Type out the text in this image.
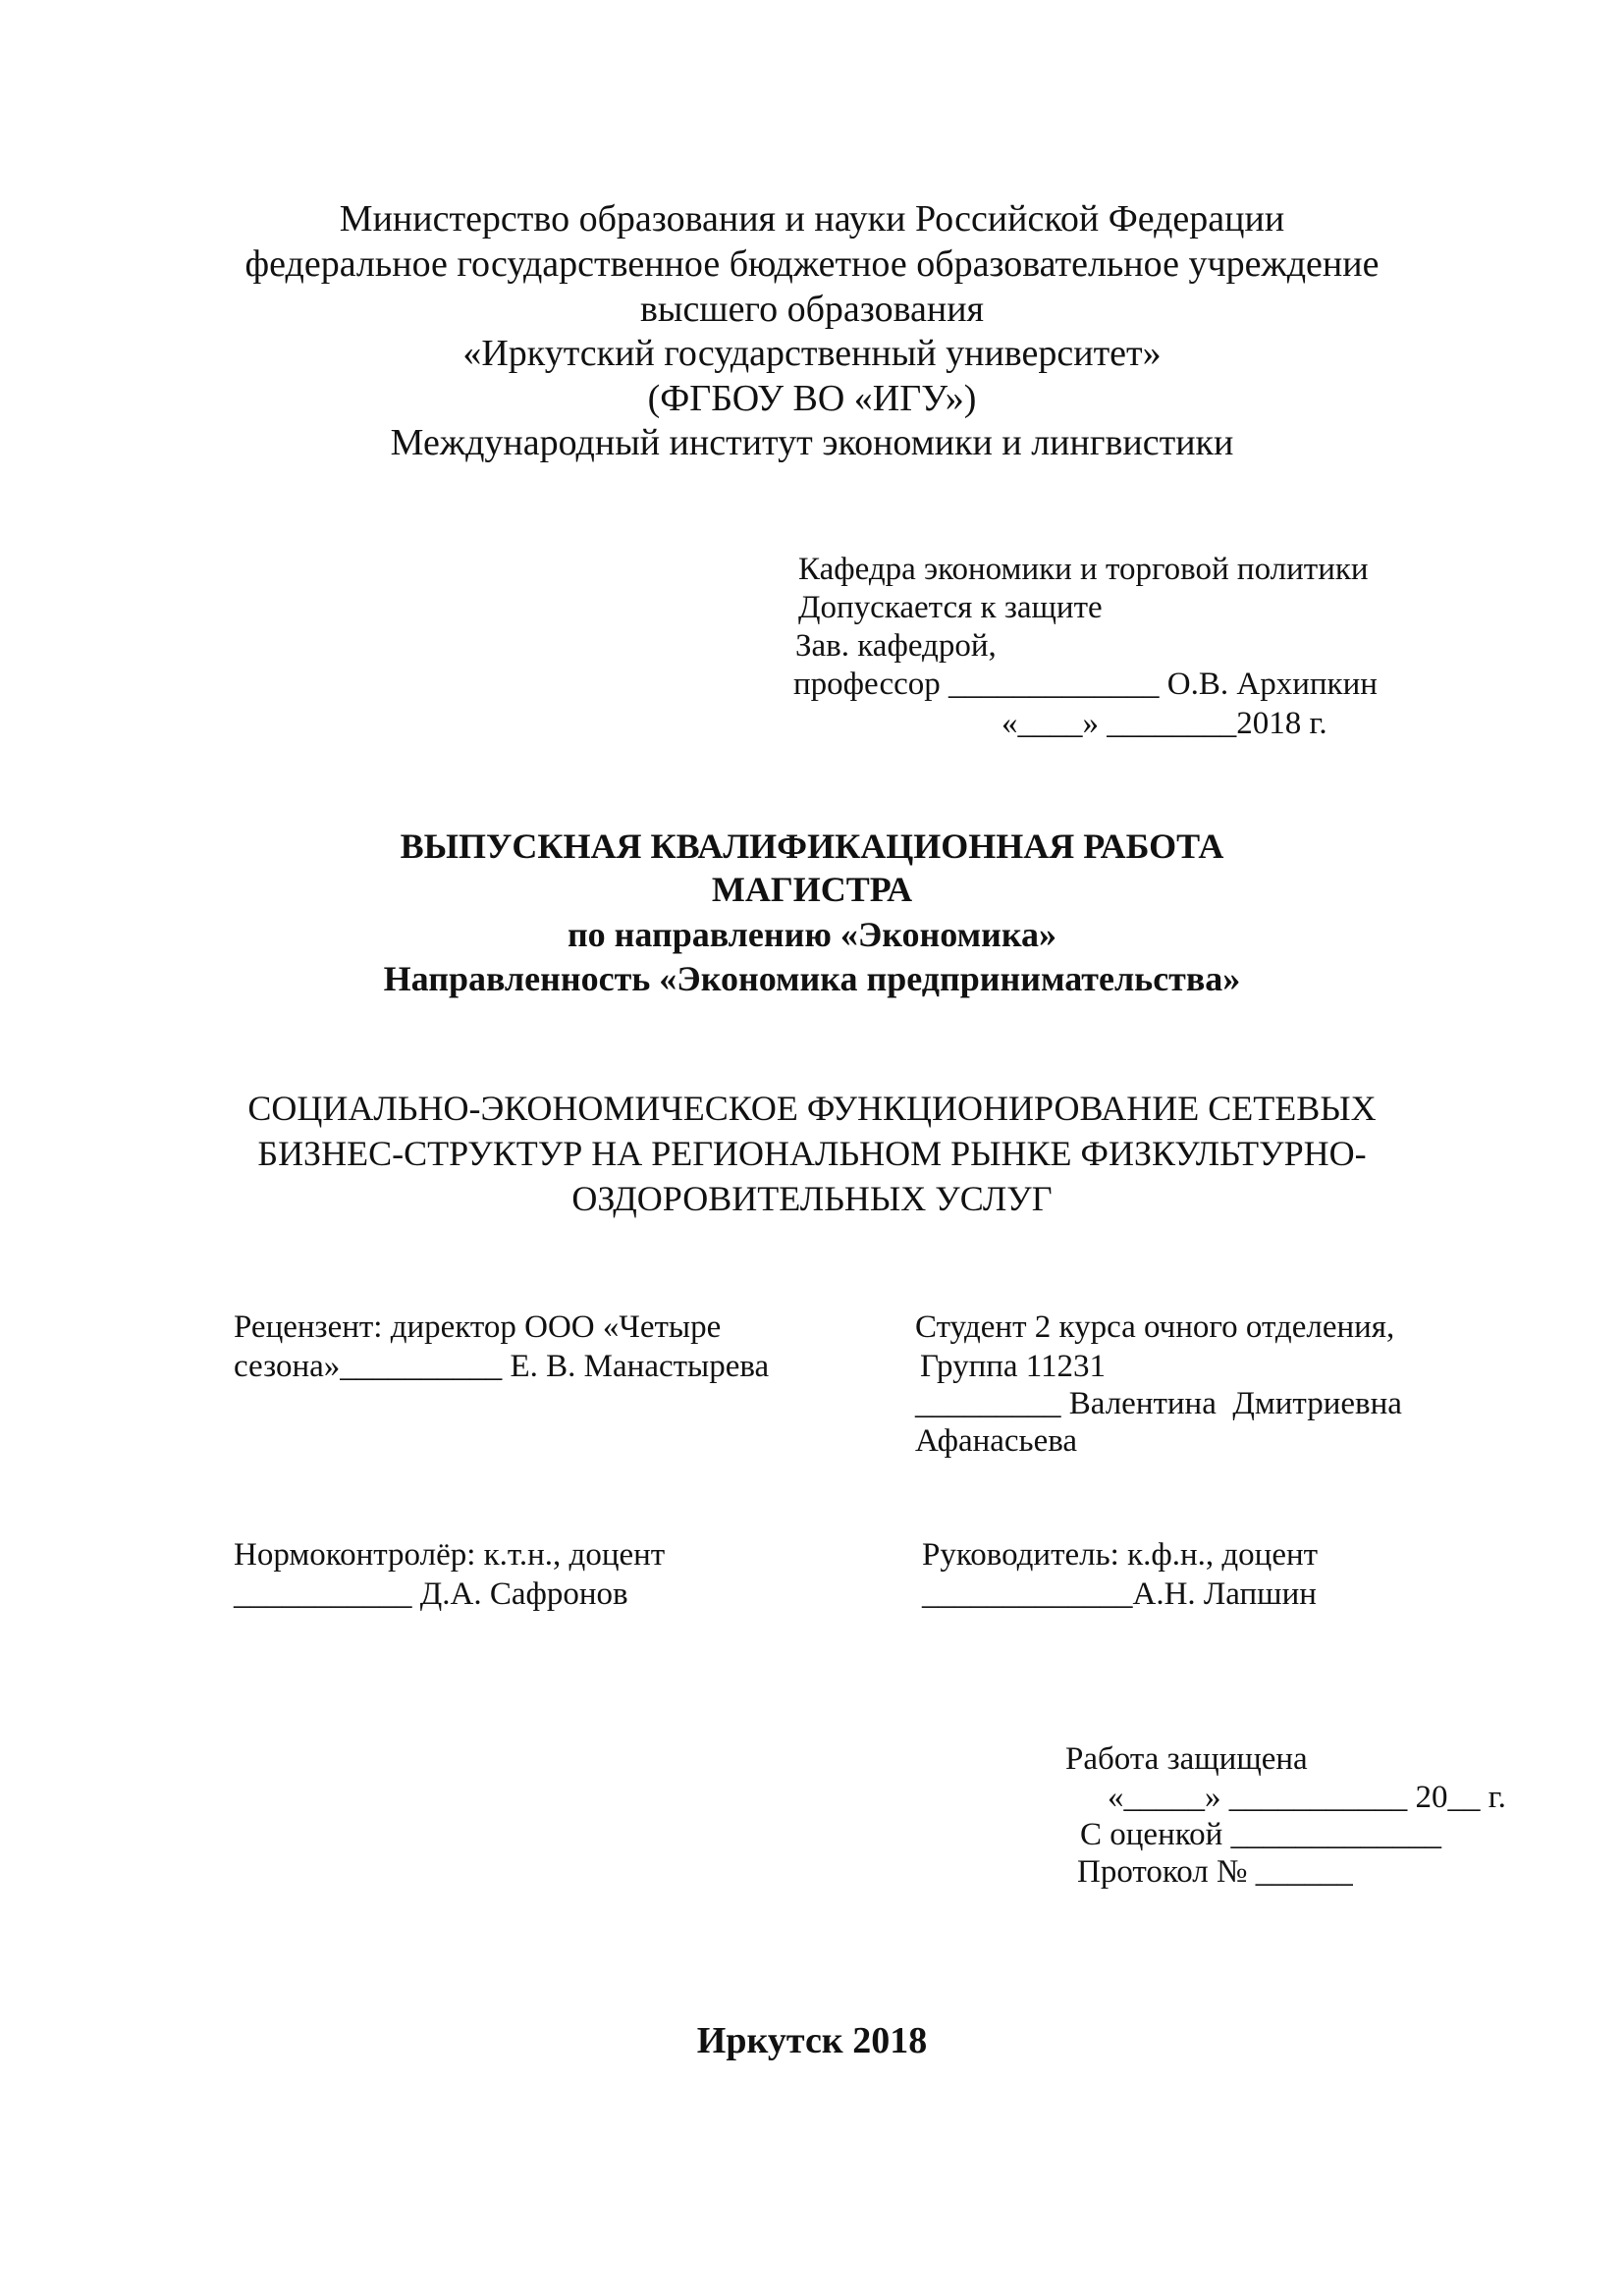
Министерство образования и науки Российской Федерации
федеральное государственное бюджетное образовательное учреждение
высшего образования
«Иркутский государственный университет»
(ФГБОУ ВО «ИГУ»)
Международный институт экономики и лингвистики
Кафедра экономики и торговой политики
Допускается к защите
Зав. кафедрой,
профессор _____________ О.В. Архипкин
«____» ________2018 г.
ВЫПУСКНАЯ КВАЛИФИКАЦИОННАЯ РАБОТА
МАГИСТРА
по направлению «Экономика»
Направленность «Экономика предпринимательства»
СОЦИАЛЬНО-ЭКОНОМИЧЕСКОЕ ФУНКЦИОНИРОВАНИЕ СЕТЕВЫХ
БИЗНЕС-СТРУКТУР НА РЕГИОНАЛЬНОМ РЫНКЕ ФИЗКУЛЬТУРНО-
ОЗДОРОВИТЕЛЬНЫХ УСЛУГ
Рецензент: директор ООО «Четыре
сезона»__________ Е. В. Манастырева
Студент 2 курса очного отделения,
Группа 11231
_________ Валентина  Дмитриевна
Афанасьева
Нормоконтролёр: к.т.н., доцент
___________ Д.А. Сафронов
Руководитель: к.ф.н., доцент
_____________А.Н. Лапшин
Работа защищена
«_____» ___________ 20__ г.
С оценкой _____________
Протокол № ______
Иркутск 2018
